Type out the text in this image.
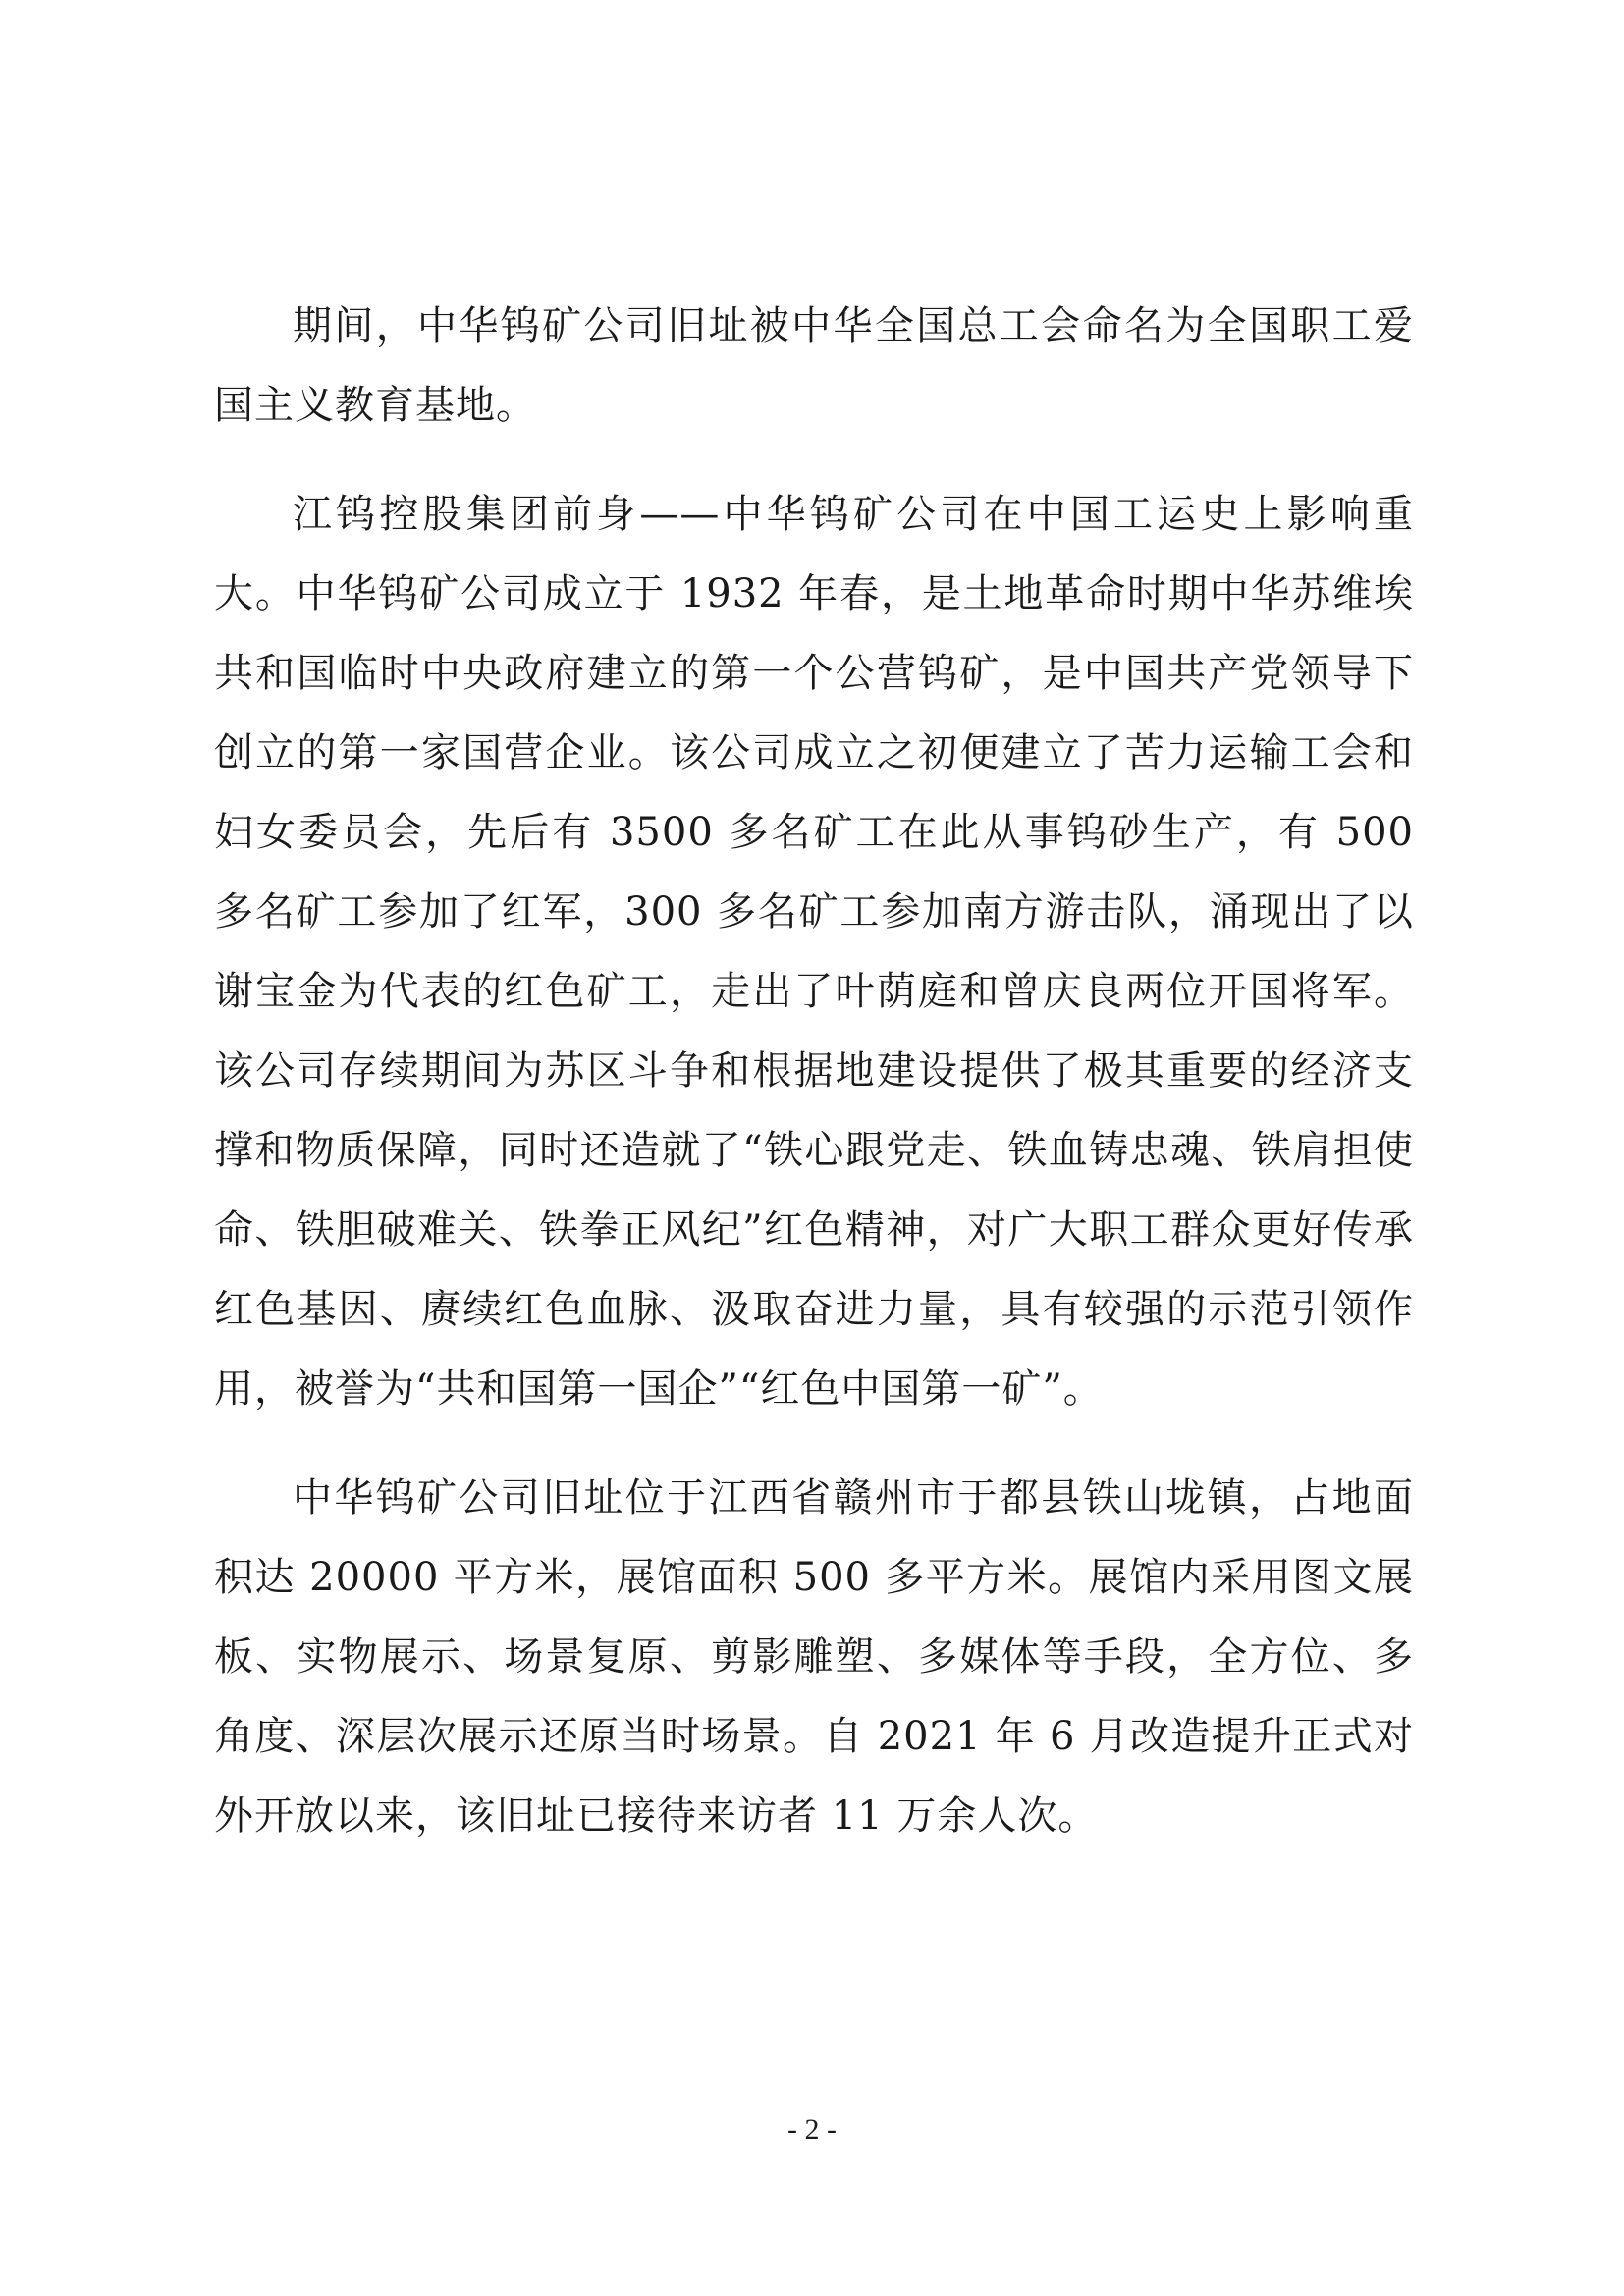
期间，中华钨矿公司旧址被中华全国总工会命名为全国职工爱国主义教育基地。

江钨控股集团前身——中华钨矿公司在中国工运史上影响重大。中华钨矿公司成立于 1932 年春，是土地革命时期中华苏维埃共和国临时中央政府建立的第一个公营钨矿，是中国共产党领导下创立的第一家国营企业。该公司成立之初便建立了苦力运输工会和妇女委员会，先后有 3500 多名矿工在此从事钨砂生产，有 500 多名矿工参加了红军，300 多名矿工参加南方游击队，涌现出了以谢宝金为代表的红色矿工，走出了叶荫庭和曾庆良两位开国将军。该公司存续期间为苏区斗争和根据地建设提供了极其重要的经济支撑和物质保障，同时还造就了“铁心跟党走、铁血铸忠魂、铁肩担使命、铁胆破难关、铁拳正风纪”红色精神，对广大职工群众更好传承红色基因、赓续红色血脉、汲取奋进力量，具有较强的示范引领作用，被誉为“共和国第一国企”“红色中国第一矿”。

中华钨矿公司旧址位于江西省赣州市于都县铁山垅镇，占地面积达 20000 平方米，展馆面积 500 多平方米。展馆内采用图文展板、实物展示、场景复原、剪影雕塑、多媒体等手段，全方位、多角度、深层次展示还原当时场景。自 2021 年 6 月改造提升正式对外开放以来，该旧址已接待来访者 11 万余人次。

- 2 -
